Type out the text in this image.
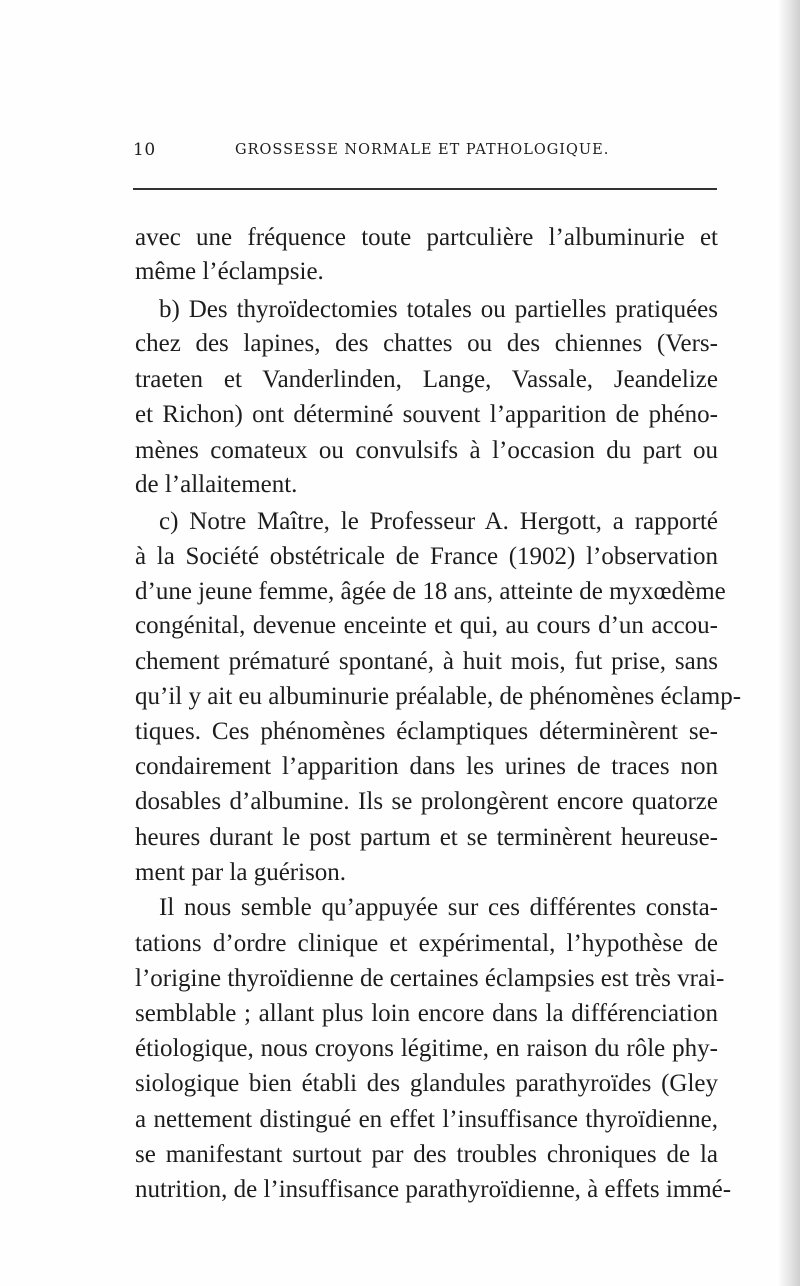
10	GROSSESSE NORMALE ET PATHOLOGIQUE.
avec une fréquence toute partculière l’albuminurie et
même l’éclampsie.
b) Des thyroïdectomies totales ou partielles pratiquées
chez des lapines, des chattes ou des chiennes (Vers-
traeten et Vanderlinden, Lange, Vassale, Jeandelize
et Richon) ont déterminé souvent l’apparition de phéno-
mènes comateux ou convulsifs à l’occasion du part ou
de l’allaitement.
c) Notre Maître, le Professeur A. Hergott, a rapporté
à la Société obstétricale de France (1902) l’observation
d’une jeune femme, âgée de 18 ans, atteinte de myxœdème
congénital, devenue enceinte et qui, au cours d’un accou-
chement prématuré spontané, à huit mois, fut prise, sans
qu’il y ait eu albuminurie préalable, de phénomènes éclamp-
tiques. Ces phénomènes éclamptiques déterminèrent se-
condairement l’apparition dans les urines de traces non
dosables d’albumine. Ils se prolongèrent encore quatorze
heures durant le post partum et se terminèrent heureuse-
ment par la guérison.
Il nous semble qu’appuyée sur ces différentes consta-
tations d’ordre clinique et expérimental, l’hypothèse de
l’origine thyroïdienne de certaines éclampsies est très vrai-
semblable ; allant plus loin encore dans la différenciation
étiologique, nous croyons légitime, en raison du rôle phy-
siologique bien établi des glandules parathyroïdes (Gley
a nettement distingué en effet l’insuffisance thyroïdienne,
se manifestant surtout par des troubles chroniques de la
nutrition, de l’insuffisance parathyroïdienne, à effets immé-
